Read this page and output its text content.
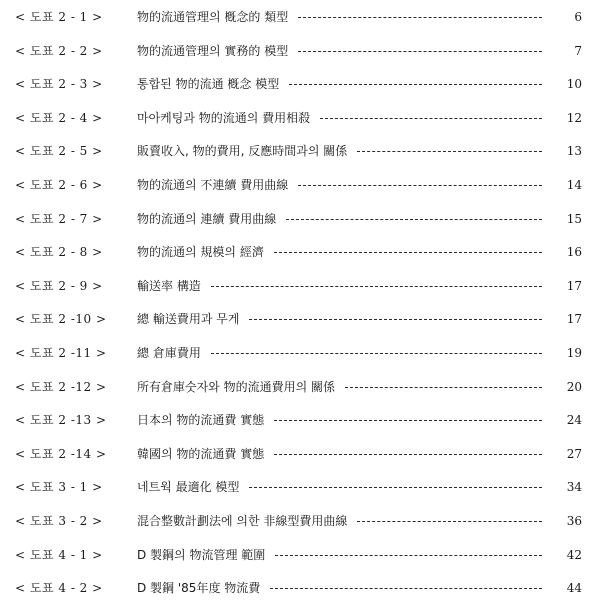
< 도표 2 - 1 >	物的流通管理의 槪念的 類型	6
< 도표 2 - 2 >	物的流通管理의 實務的 模型	7
< 도표 2 - 3 >	통합된 物的流通 槪念 模型	10
< 도표 2 - 4 >	마아케팅과 物的流通의 費用相殺	12
< 도표 2 - 5 >	販賣收入, 物的費用, 反應時間과의 關係	13
< 도표 2 - 6 >	物的流通의 不連續 費用曲線	14
< 도표 2 - 7 >	物的流通의 連續 費用曲線	15
< 도표 2 - 8 >	物的流通의 規模의 經濟	16
< 도표 2 - 9 >	輸送率 構造	17
< 도표 2 -10 >	總 輸送費用과 무게	17
< 도표 2 -11 >	總 倉庫費用	19
< 도표 2 -12 >	所有倉庫숫자와 物的流通費用의 關係	20
< 도표 2 -13 >	日本의 物的流通費 實態	24
< 도표 2 -14 >	韓國의 物的流通費 實態	27
< 도표 3 - 1 >	네트웍 最適化 模型	34
< 도표 3 - 2 >	混合整數計劃法에 의한 非線型費用曲線	36
< 도표 4 - 1 >	D 製鋼의 物流管理 範圍	42
< 도표 4 - 2 >	D 製鋼 '85年度 物流費	44
